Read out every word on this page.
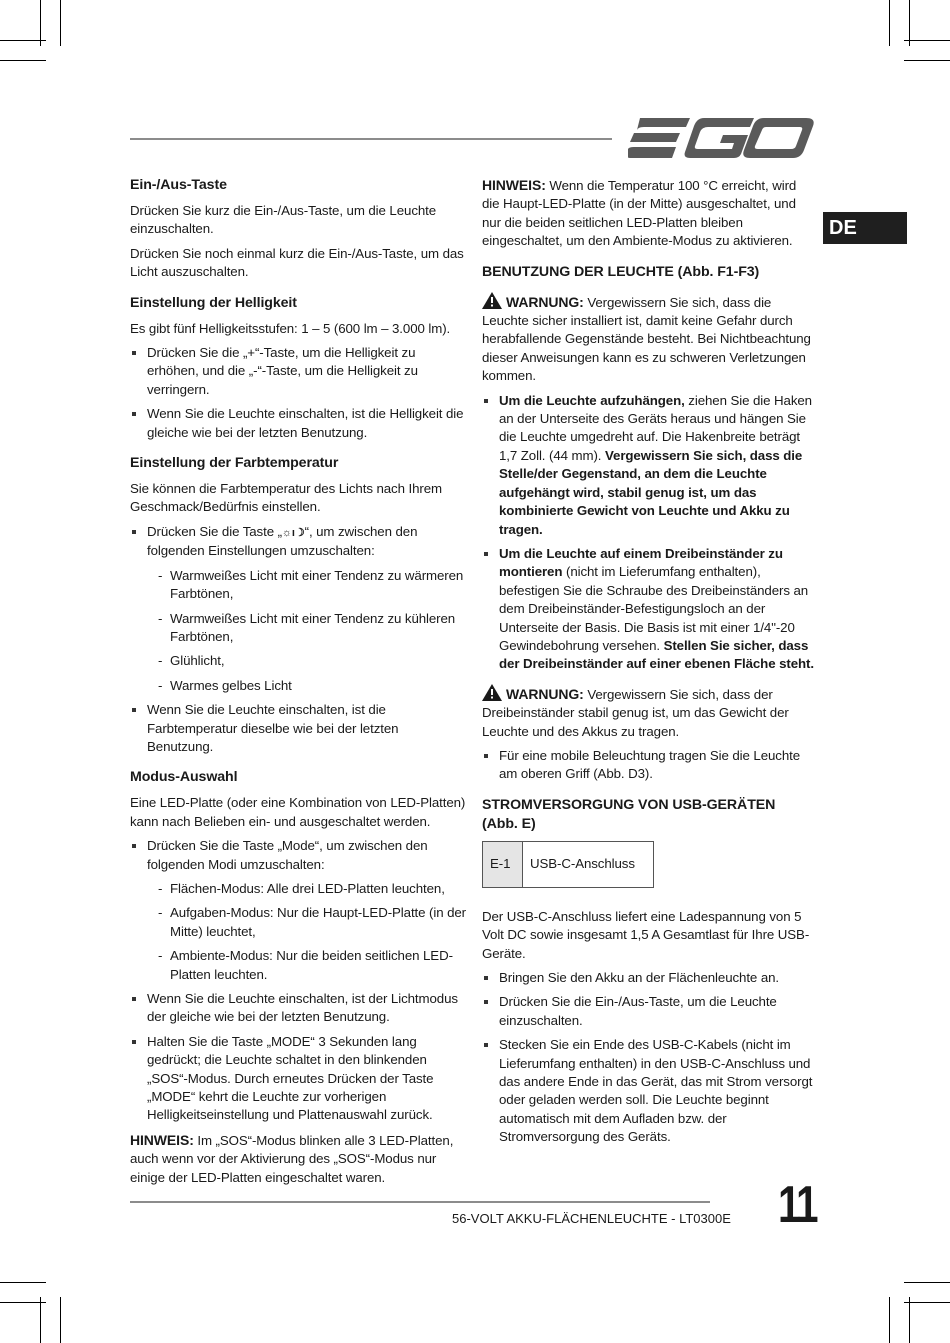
DE
Ein-/Aus-Taste

Drücken Sie kurz die Ein-/Aus-Taste, um die Leuchte einzuschalten.

Drücken Sie noch einmal kurz die Ein-/Aus-Taste, um das Licht auszuschalten.

Einstellung der Helligkeit

Es gibt fünf Helligkeitsstufen: 1 – 5 (600 lm – 3.000 lm).

Drücken Sie die „+“-Taste, um die Helligkeit zu erhöhen, und die „-“-Taste, um die Helligkeit zu verringern.
Wenn Sie die Leuchte einschalten, ist die Helligkeit die gleiche wie bei der letzten Benutzung.
Einstellung der Farbtemperatur

Sie können die Farbtemperatur des Lichts nach Ihrem Geschmack/Bedürfnis einstellen.

Drücken Sie die Taste „☼ı☽“, um zwischen den folgenden Einstellungen umzuschalten:
- Warmweißes Licht mit einer Tendenz zu wärmeren Farbtönen,
- Warmweißes Licht mit einer Tendenz zu kühleren Farbtönen,
- Glühlicht,
- Warmes gelbes Licht
Wenn Sie die Leuchte einschalten, ist die Farbtemperatur dieselbe wie bei der letzten Benutzung.
Modus-Auswahl

Eine LED-Platte (oder eine Kombination von LED-Platten) kann nach Belieben ein- und ausgeschaltet werden.

Drücken Sie die Taste „Mode“, um zwischen den folgenden Modi umzuschalten:
- Flächen-Modus: Alle drei LED-Platten leuchten,
- Aufgaben-Modus: Nur die Haupt-LED-Platte (in der Mitte) leuchtet,
- Ambiente-Modus: Nur die beiden seitlichen LED-Platten leuchten.
Wenn Sie die Leuchte einschalten, ist der Lichtmodus der gleiche wie bei der letzten Benutzung.
Halten Sie die Taste „MODE“ 3 Sekunden lang gedrückt; die Leuchte schaltet in den blinkenden „SOS“-Modus. Durch erneutes Drücken der Taste „MODE“ kehrt die Leuchte zur vorherigen Helligkeitseinstellung und Plattenauswahl zurück.

HINWEIS: Im „SOS“-Modus blinken alle 3 LED-Platten, auch wenn vor der Aktivierung des „SOS“-Modus nur einige der LED-Platten eingeschaltet waren.

HINWEIS: Wenn die Temperatur 100 °C erreicht, wird die Haupt-LED-Platte (in der Mitte) ausgeschaltet, und nur die beiden seitlichen LED-Platten bleiben eingeschaltet, um den Ambiente-Modus zu aktivieren.

BENUTZUNG DER LEUCHTE (Abb. F1-F3)

WARNUNG: Vergewissern Sie sich, dass die Leuchte sicher installiert ist, damit keine Gefahr durch herabfallende Gegenstände besteht. Bei Nichtbeachtung dieser Anweisungen kann es zu schweren Verletzungen kommen.

Um die Leuchte aufzuhängen, ziehen Sie die Haken an der Unterseite des Geräts heraus und hängen Sie die Leuchte umgedreht auf. Die Hakenbreite beträgt 1,7 Zoll. (44 mm). Vergewissern Sie sich, dass die Stelle/der Gegenstand, an dem die Leuchte aufgehängt wird, stabil genug ist, um das kombinierte Gewicht von Leuchte und Akku zu tragen.
Um die Leuchte auf einem Dreibeinständer zu montieren (nicht im Lieferumfang enthalten), befestigen Sie die Schraube des Dreibeinständers an dem Dreibeinständer-Befestigungsloch an der Unterseite der Basis. Die Basis ist mit einer 1/4"-20 Gewindebohrung versehen. Stellen Sie sicher, dass der Dreibeinständer auf einer ebenen Fläche steht.

WARNUNG: Vergewissern Sie sich, dass der Dreibeinständer stabil genug ist, um das Gewicht der Leuchte und des Akkus zu tragen.

Für eine mobile Beleuchtung tragen Sie die Leuchte am oberen Griff (Abb. D3).
STROMVERSORGUNG VON USB-GERÄTEN (Abb. E)
E-1	USB-C-Anschluss

Der USB-C-Anschluss liefert eine Ladespannung von 5 Volt DC sowie insgesamt 1,5 A Gesamtlast für Ihre USB-Geräte.

Bringen Sie den Akku an der Flächenleuchte an.
Drücken Sie die Ein-/Aus-Taste, um die Leuchte einzuschalten.
Stecken Sie ein Ende des USB-C-Kabels (nicht im Lieferumfang enthalten) in den USB-C-Anschluss und das andere Ende in das Gerät, das mit Strom versorgt oder geladen werden soll. Die Leuchte beginnt automatisch mit dem Aufladen bzw. der Stromversorgung des Geräts.
56-VOLT AKKU-FLÄCHENLEUCHTE - LT0300E 11
